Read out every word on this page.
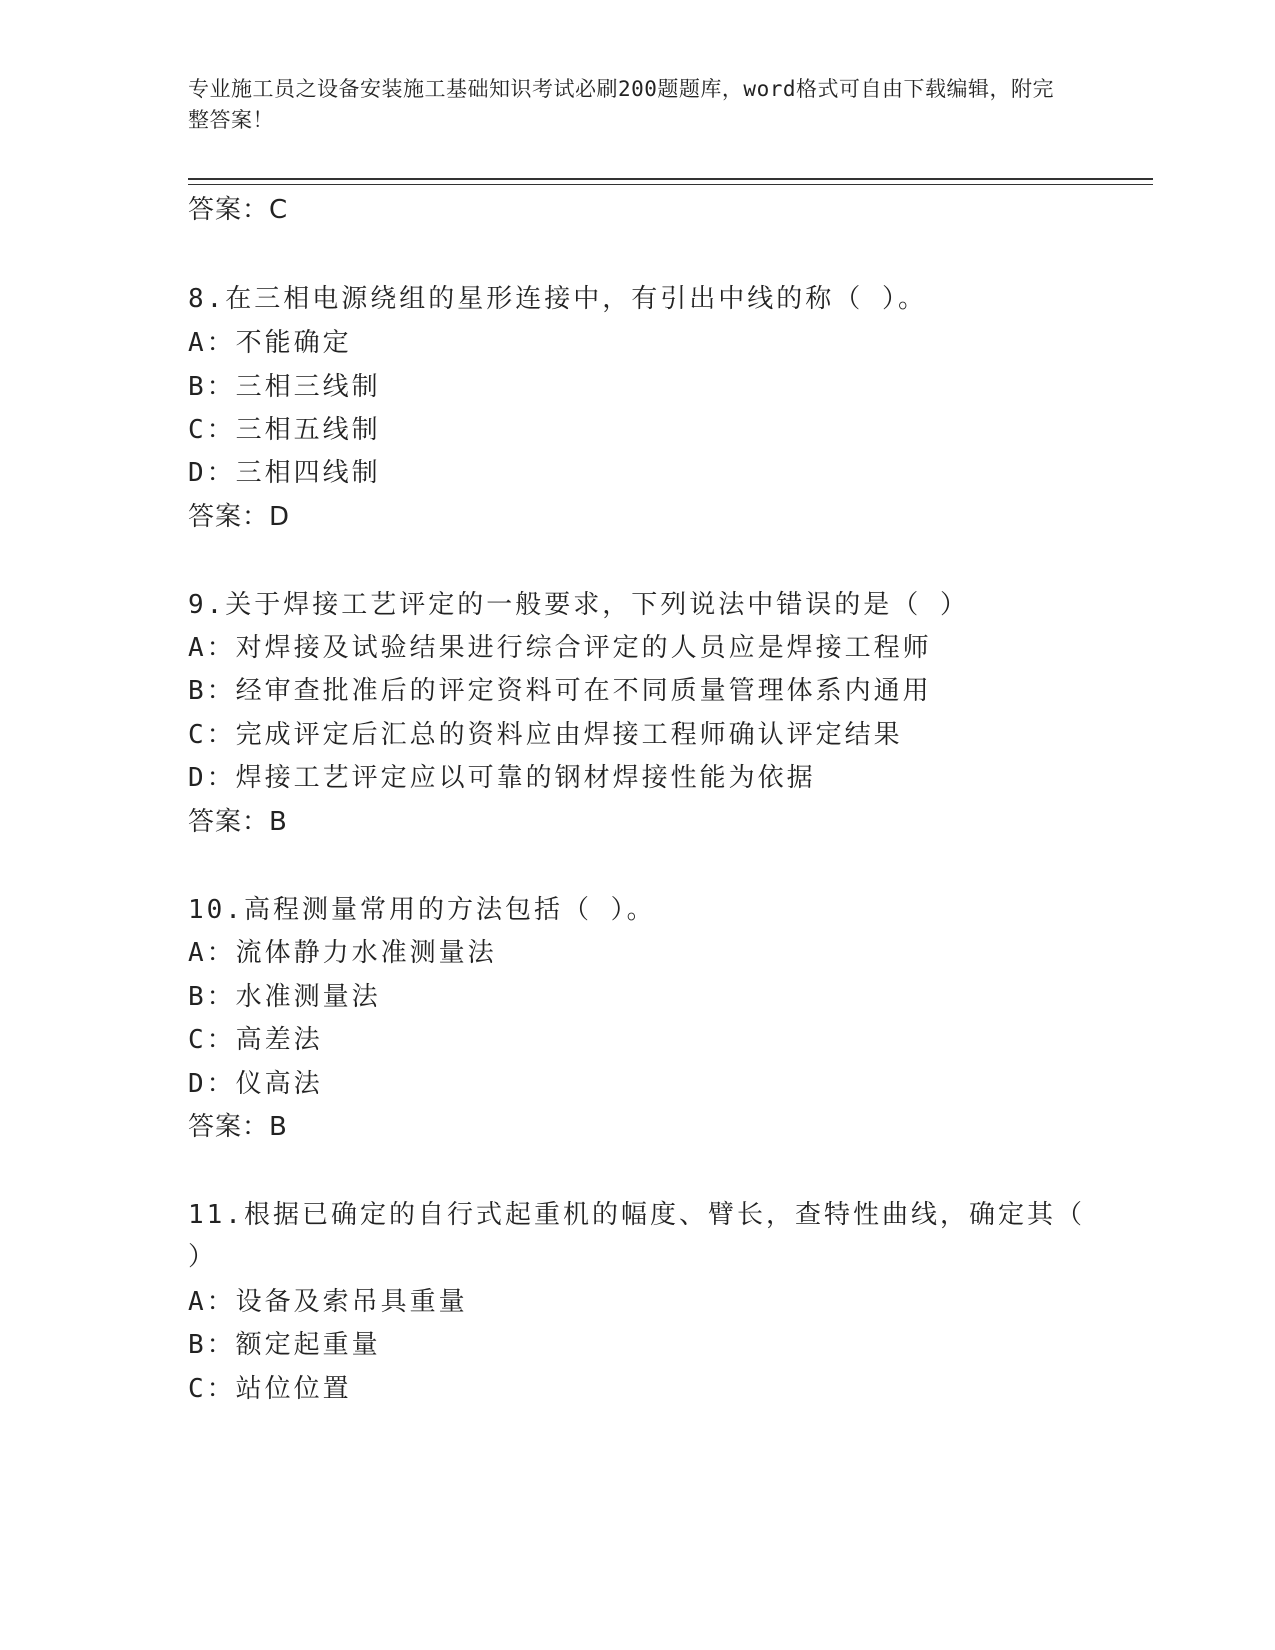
专业施工员之设备安装施工基础知识考试必刷200题题库，word格式可自由下载编辑，附完整答案！
答案：C
8.在三相电源绕组的星形连接中，有引出中线的称（ ）。
A：不能确定
B：三相三线制
C：三相五线制
D：三相四线制
答案：D
9.关于焊接工艺评定的一般要求，下列说法中错误的是（ ）
A：对焊接及试验结果进行综合评定的人员应是焊接工程师
B：经审查批准后的评定资料可在不同质量管理体系内通用
C：完成评定后汇总的资料应由焊接工程师确认评定结果
D：焊接工艺评定应以可靠的钢材焊接性能为依据
答案：B
10.高程测量常用的方法包括（ ）。
A：流体静力水准测量法
B：水准测量法
C：高差法
D：仪高法
答案：B
11.根据已确定的自行式起重机的幅度、臂长，查特性曲线，确定其（
）
A：设备及索吊具重量
B：额定起重量
C：站位位置
